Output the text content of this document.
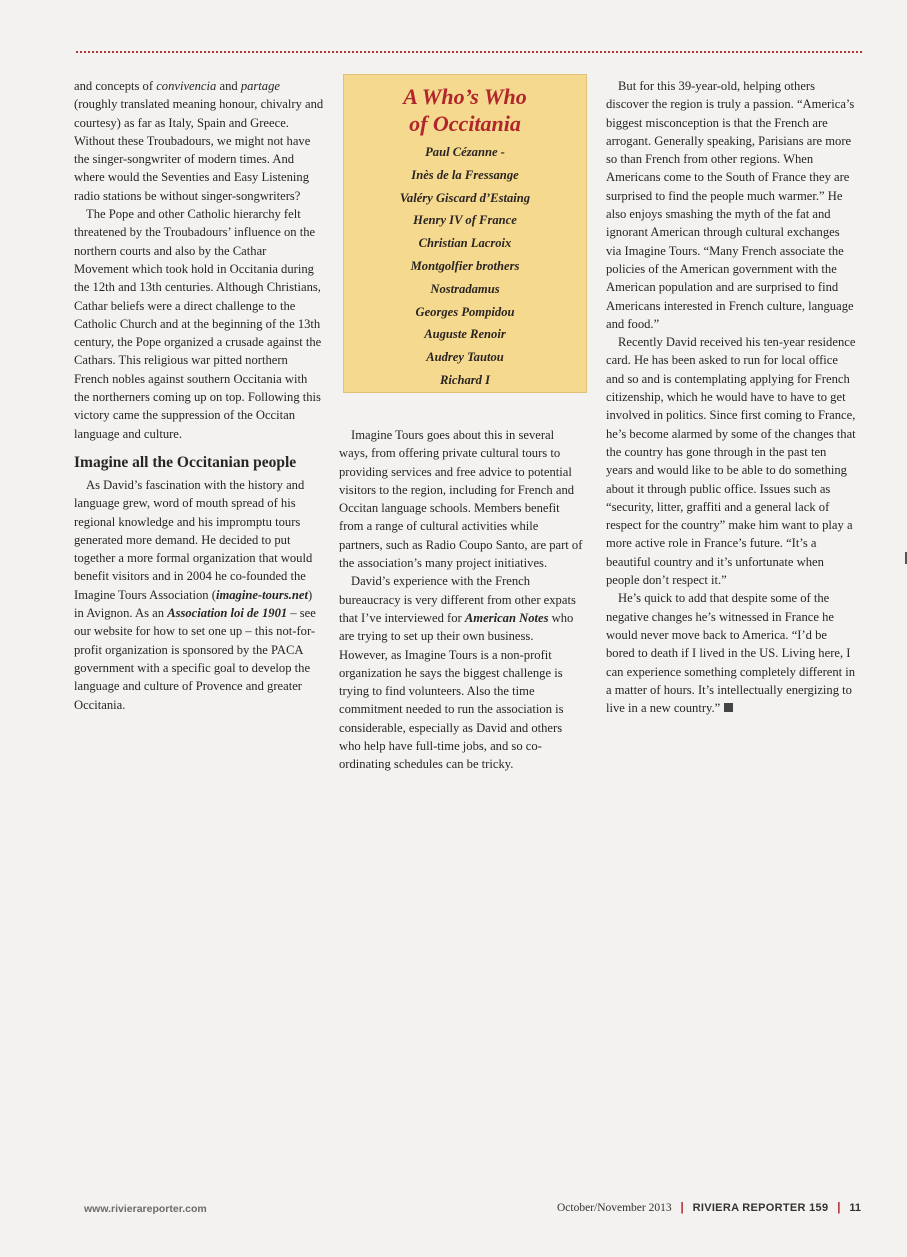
and concepts of convivencia and partage (roughly translated meaning honour, chivalry and courtesy) as far as Italy, Spain and Greece. Without these Troubadours, we might not have the singer-songwriter of modern times. And where would the Seventies and Easy Listening radio stations be without singer-songwriters?

The Pope and other Catholic hierarchy felt threatened by the Troubadours’ influence on the northern courts and also by the Cathar Movement which took hold in Occitania during the 12th and 13th centuries. Although Christians, Cathar beliefs were a direct challenge to the Catholic Church and at the beginning of the 13th century, the Pope organized a crusade against the Cathars. This religious war pitted northern French nobles against southern Occitania with the northerners coming up on top. Following this victory came the suppression of the Occitan language and culture.

Imagine all the Occitanian people

As David’s fascination with the history and language grew, word of mouth spread of his regional knowledge and his impromptu tours generated more demand. He decided to put together a more formal organization that would benefit visitors and in 2004 he co-founded the Imagine Tours Association (imagine-tours.net) in Avignon. As an Association loi de 1901 – see our website for how to set one up – this not-for-profit organization is sponsored by the PACA government with a specific goal to develop the language and culture of Provence and greater Occitania.

A Who’s Who
of Occitania
Paul Cézanne -
Inès de la Fressange
Valéry Giscard d’Estaing
Henry IV of France
Christian Lacroix
Montgolfier brothers
Nostradamus
Georges Pompidou
Auguste Renoir
Audrey Tautou
Richard I

Imagine Tours goes about this in several ways, from offering private cultural tours to providing services and free advice to potential visitors to the region, including for French and Occitan language schools. Members benefit from a range of cultural activities while partners, such as Radio Coupo Santo, are part of the association’s many project initiatives.

David’s experience with the French bureaucracy is very different from other expats that I’ve interviewed for American Notes who are trying to set up their own business. However, as Imagine Tours is a non-profit organization he says the biggest challenge is trying to find volunteers. Also the time commitment needed to run the association is considerable, especially as David and others who help have full-time jobs, and so co-ordinating schedules can be tricky.

But for this 39-year-old, helping others discover the region is truly a passion. “America’s biggest misconception is that the French are arrogant. Generally speaking, Parisians are more so than French from other regions. When Americans come to the South of France they are surprised to find the people much warmer.” He also enjoys smashing the myth of the fat and ignorant American through cultural exchanges via Imagine Tours. “Many French associate the policies of the American government with the American population and are surprised to find Americans interested in French culture, language and food.”

Recently David received his ten-year residence card. He has been asked to run for local office and so and is contemplating applying for French citizenship, which he would have to have to get involved in politics. Since first coming to France, he’s become alarmed by some of the changes that the country has gone through in the past ten years and would like to be able to do something about it through public office. Issues such as “security, litter, graffiti and a general lack of respect for the country” make him want to play a more active role in France’s future. “It’s a beautiful country and it’s unfortunate when people don’t respect it.”

He’s quick to add that despite some of the negative changes he’s witnessed in France he would never move back to America. “I’d be bored to death if I lived in the US. Living here, I can experience something completely different in a matter of hours. It’s intellectually energizing to live in a new country.”

www.rivierareporter.com	October/November 2013 | RIVIERA REPORTER 159 | 11
